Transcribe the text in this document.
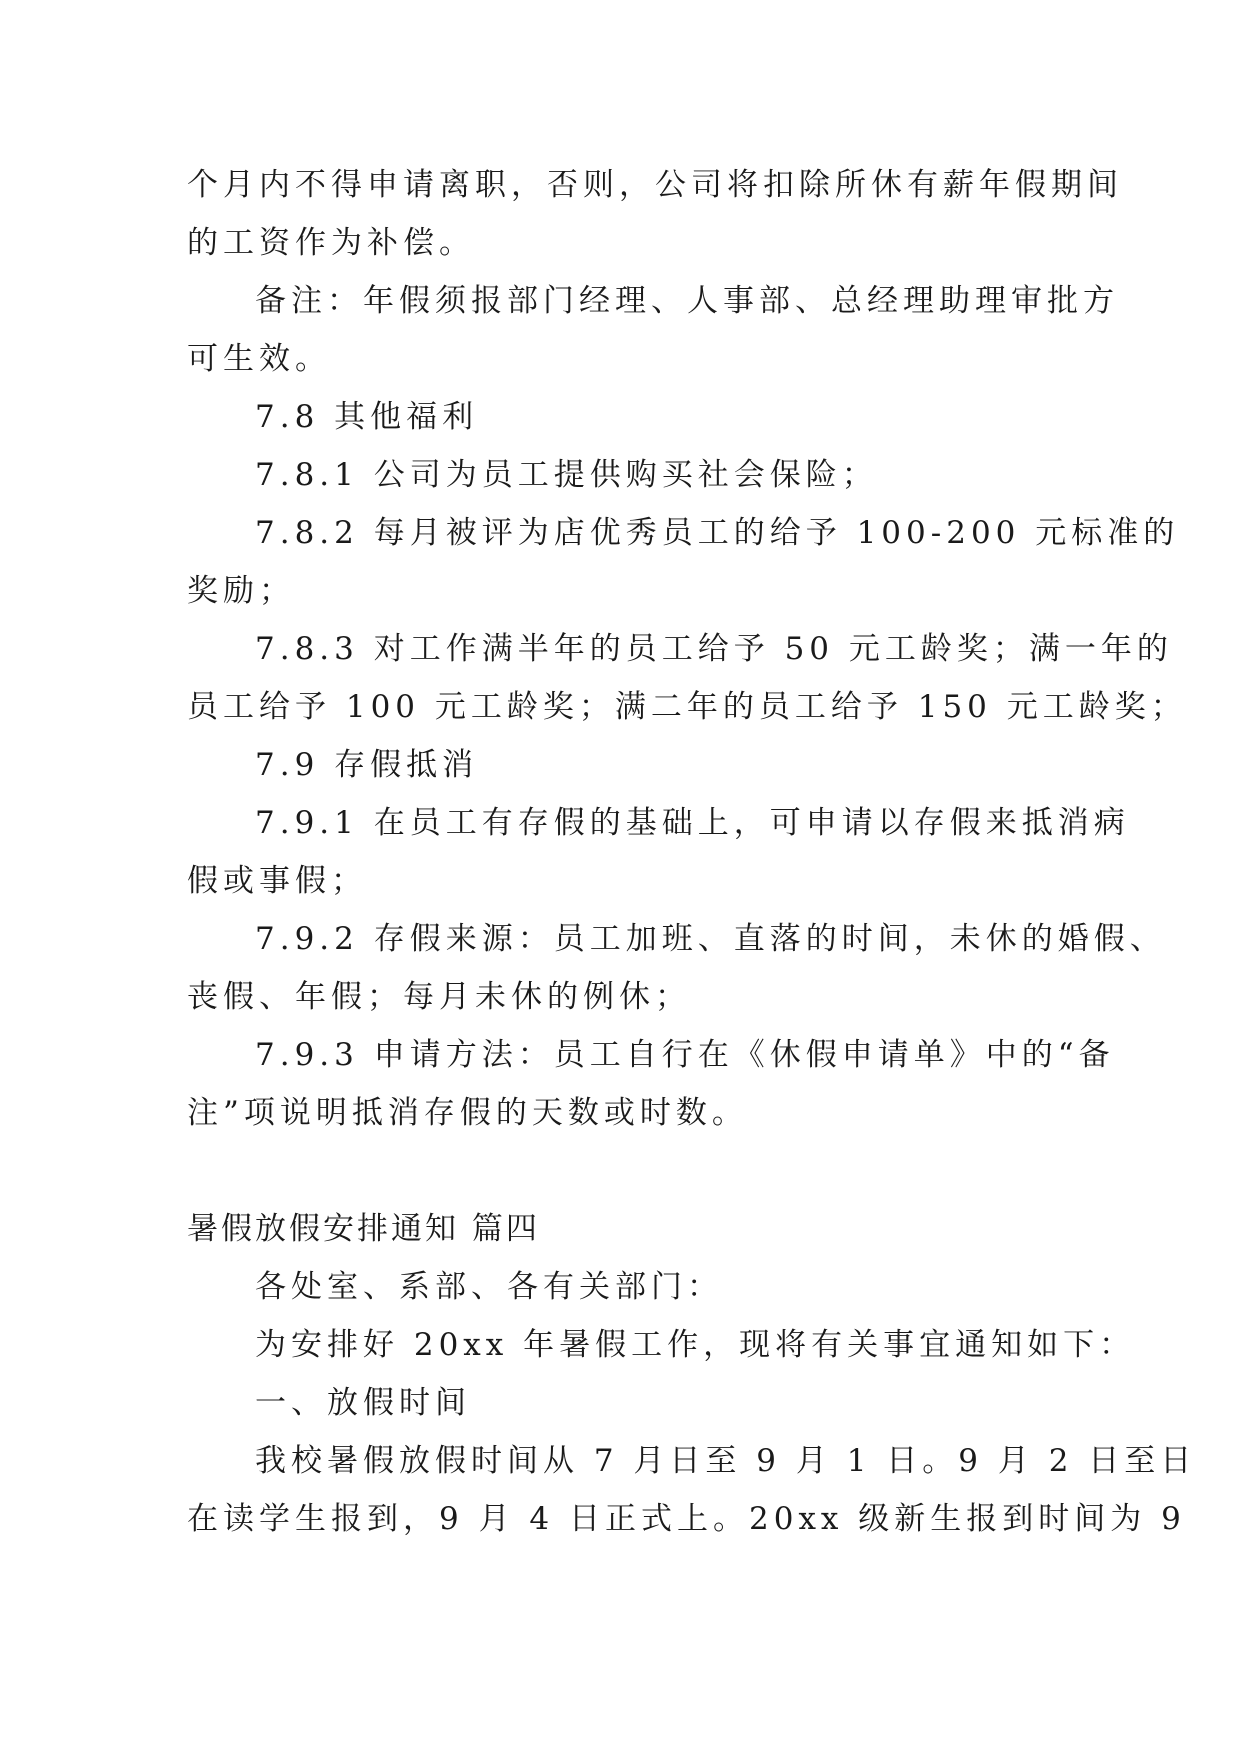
个月内不得申请离职，否则，公司将扣除所休有薪年假期间
的工资作为补偿。
备注：年假须报部门经理、人事部、总经理助理审批方
可生效。
7.8 其他福利
7.8.1 公司为员工提供购买社会保险；
7.8.2 每月被评为店优秀员工的给予 100-200 元标准的
奖励；
7.8.3 对工作满半年的员工给予 50 元工龄奖；满一年的
员工给予 100 元工龄奖；满二年的员工给予 150 元工龄奖；
7.9 存假抵消
7.9.1 在员工有存假的基础上，可申请以存假来抵消病
假或事假；
7.9.2 存假来源：员工加班、直落的时间，未休的婚假、
丧假、年假；每月未休的例休；
7.9.3 申请方法：员工自行在《休假申请单》中的“备
注”项说明抵消存假的天数或时数。
暑假放假安排通知 篇四
各处室、系部、各有关部门：
为安排好 20xx 年暑假工作，现将有关事宜通知如下：
一、放假时间
我校暑假放假时间从 7 月日至 9 月 1 日。9 月 2 日至日
在读学生报到，9 月 4 日正式上。20xx 级新生报到时间为 9
